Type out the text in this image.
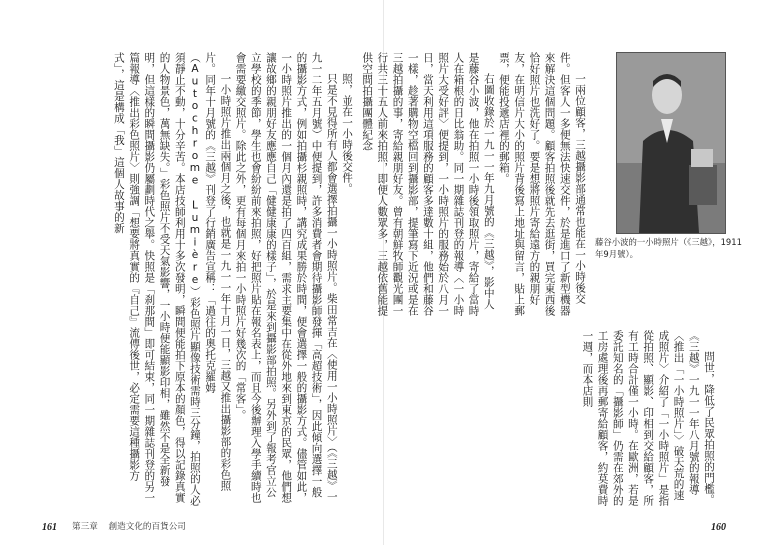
照，並在一小時後交件。

只是不見得所有人都會選擇拍攝一小時照片。柴田常吉在〈使用一小時照片〉（《三越》一九一二年五月號）中便提到，許多消費者會期待攝影師發揮「高超技術」，因此傾向選擇一般的攝影方式，例如拍攝杉親照時，講究成果勝於時間，便會選擇一般的攝影方式。儘管如此，一小時照片推出的一個月內還是拍了四百組，需求主要集中在從外地來到東京的民眾，他們想讓故鄉的親朋好友應應自己「健健康康的樣子」，於是來到攝影部拍照。另外到了報考官立公立學校的季節，學生也會紛紛前來拍照，好把照片貼在報名表上，而且今後辦理入學手續時也會需要繳交照片。除此之外，更有每個月來拍一小時照片好幾次的「常客」。

一小時照片推出兩個月之後，也就是一九一一年十月一日，三越又推出攝影部的彩色照片。同年十月號的《三越》刊登了行銷廣告宣稱：「過往的奧托克羅姆（Autochrome Lumière）彩色照片顯像技術需時三分鐘，拍照的人必須靜止不動，十分辛苦。本店技師利用十多次發明，瞬間便能拍下原本的顏色，得以記錄真實的人物景色，萬無缺失。」彩色照片不受天氣影響，一小時便能顯影印相，雖然不是全新發明，但這樣的瞬間攝影仍屬劃時代之舉。快照是「刹那間」即可結束，同一期雜誌刊登的另一篇報導〈推出彩色照片〉則強調「想要將真實的『自己』流傳後世，必定需要這種攝影方式」，這是構成「我」這個人故事的新

161 第三章 創造文化的百貨公司

一兩位顧客，三越攝影部通常也能在一小時後交件。但客人一多便無法快速交件，於是進口了新型機器來解決這個問題。顧客拍照後就先去逛街，買完東西後恰好照片也洗好了。要是想將照片寄給遠方的親朋好友，在明信片大小的照片背後寫上地址與留言，貼上郵票，便能投遞店裡的郵箱。

右圖收錄於一九一一年九月號的《三越》，影中人是藤谷小波，他在拍照一小時後領取照片，寄給了當時人在箱根的日比翁助。同一期雜誌刊登的報導〈一小時照片大受好評〉便提到，一小時照片的服務始於八月一日，當天利用這項服務的顧客多達數十組，他們和藤谷一樣，趁著購物空檔回到攝影部，提筆寫下近況或是在三越拍攝的事，寄給親朋好友。曾有朝鮮牧師觀光團一行共三十五人前來拍照，即便人數眾多，三越依舊能提供空間拍攝團體紀念

藤谷小波的一小時照片（《三越》，1911年9月號）。

問世，降低了民眾拍照的門檻。《三越》一九一一年八月號的報導〈推出「一小時照片」〉破天荒的速成照片〉介紹了「一小時照片」是指從拍照、顯影、印相到交給顧客，所有工時合計僅一小時。在歐洲，若是委託知名的「攝影師」仍需在郊外的工房處理後再郵寄給顧客，約莫費時一週，而本店則

160
